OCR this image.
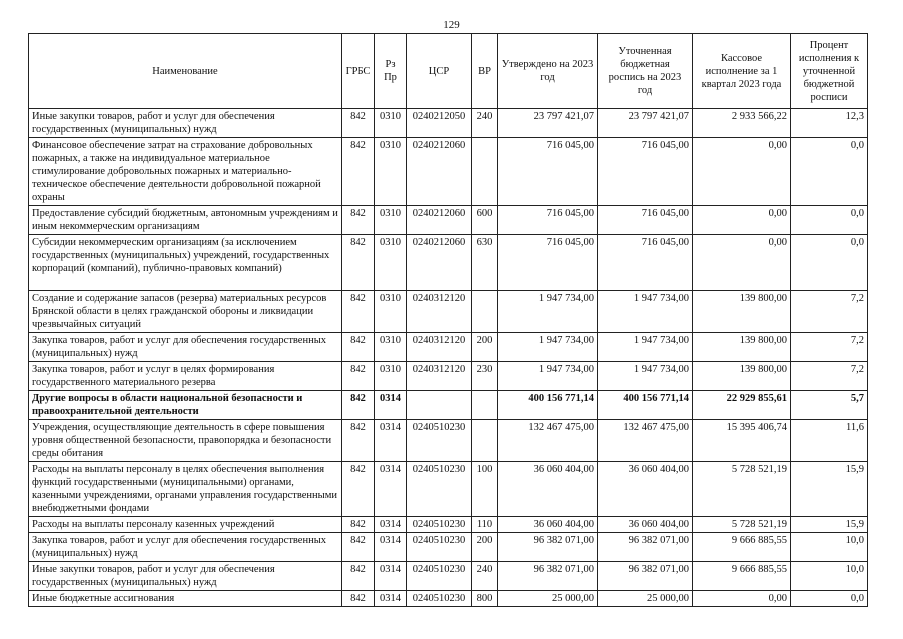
129
Наименование	ГРБС	Рз Пр	ЦСР	ВР	Утверждено на 2023 год	Уточненная бюджетная роспись на 2023 год	Кассовое исполнение за 1 квартал 2023 года	Процент исполнения к уточненной бюджетной росписи
Иные закупки товаров, работ и услуг для обеспечения государственных (муниципальных) нужд	842	0310	0240212050	240	23 797 421,07	23 797 421,07	2 933 566,22	12,3
Финансовое обеспечение затрат на страхование добровольных пожарных, а также на индивидуальное материальное стимулирование добровольных пожарных и материально-техническое обеспечение деятельности добровольной пожарной охраны	842	0310	0240212060		716 045,00	716 045,00	0,00	0,0
Предоставление субсидий бюджетным, автономным учреждениям и иным некоммерческим организациям	842	0310	0240212060	600	716 045,00	716 045,00	0,00	0,0
Субсидии некоммерческим организациям (за исключением государственных (муниципальных) учреждений, государственных корпораций (компаний), публично-правовых компаний)	842	0310	0240212060	630	716 045,00	716 045,00	0,00	0,0
Создание и содержание запасов (резерва) материальных ресурсов Брянской области в целях гражданской обороны и ликвидации чрезвычайных ситуаций	842	0310	0240312120		1 947 734,00	1 947 734,00	139 800,00	7,2
Закупка товаров, работ и услуг для обеспечения государственных (муниципальных) нужд	842	0310	0240312120	200	1 947 734,00	1 947 734,00	139 800,00	7,2
Закупка товаров, работ и услуг в целях формирования государственного материального резерва	842	0310	0240312120	230	1 947 734,00	1 947 734,00	139 800,00	7,2
Другие вопросы в области национальной безопасности и правоохранительной деятельности	842	0314			400 156 771,14	400 156 771,14	22 929 855,61	5,7
Учреждения, осуществляющие деятельность в сфере повышения уровня общественной безопасности, правопорядка и безопасности среды обитания	842	0314	0240510230		132 467 475,00	132 467 475,00	15 395 406,74	11,6
Расходы на выплаты персоналу в целях обеспечения выполнения функций государственными (муниципальными) органами, казенными учреждениями, органами управления государственными внебюджетными фондами	842	0314	0240510230	100	36 060 404,00	36 060 404,00	5 728 521,19	15,9
Расходы на выплаты персоналу казенных учреждений	842	0314	0240510230	110	36 060 404,00	36 060 404,00	5 728 521,19	15,9
Закупка товаров, работ и услуг для обеспечения государственных (муниципальных) нужд	842	0314	0240510230	200	96 382 071,00	96 382 071,00	9 666 885,55	10,0
Иные закупки товаров, работ и услуг для обеспечения государственных (муниципальных) нужд	842	0314	0240510230	240	96 382 071,00	96 382 071,00	9 666 885,55	10,0
Иные бюджетные ассигнования	842	0314	0240510230	800	25 000,00	25 000,00	0,00	0,0
